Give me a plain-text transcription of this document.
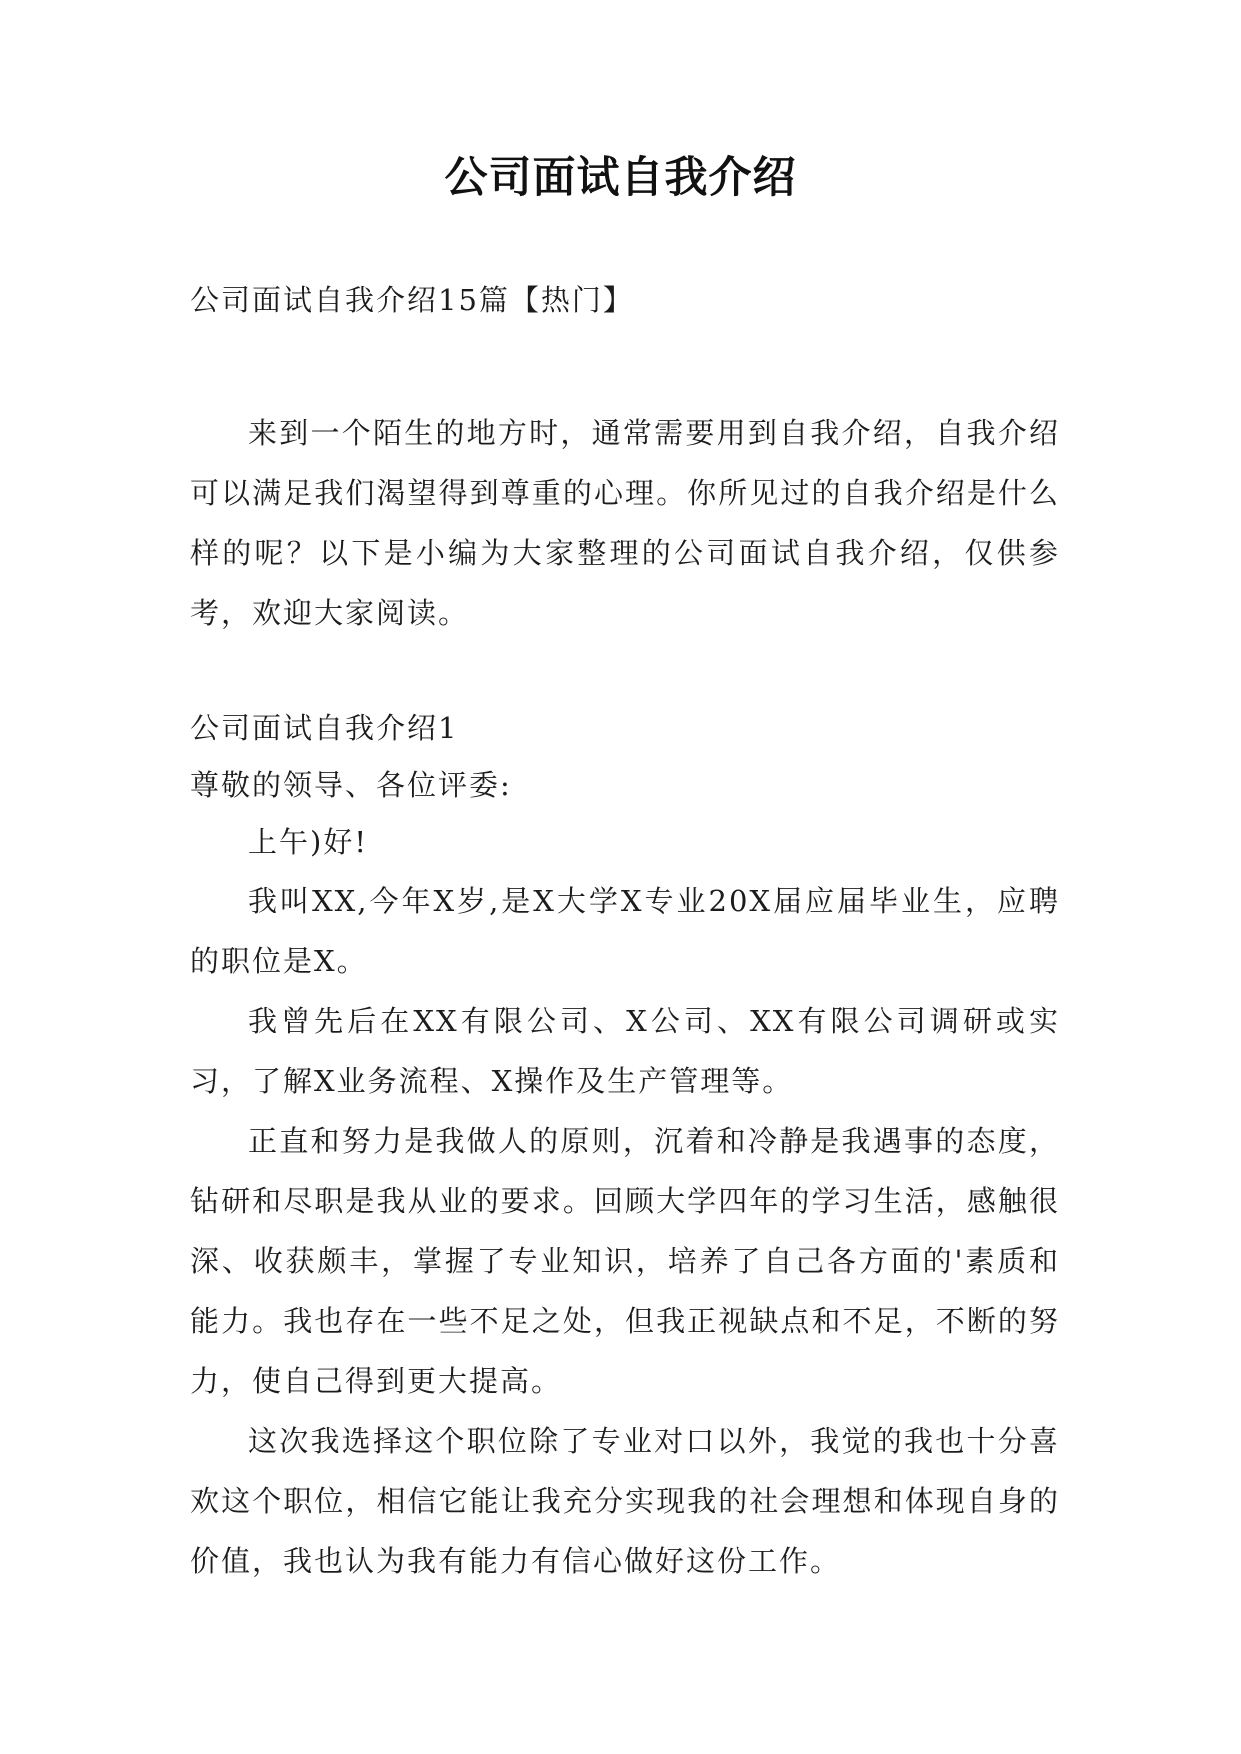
公司面试自我介绍

公司面试自我介绍15篇【热门】

来到一个陌生的地方时，通常需要用到自我介绍，自我介绍可以满足我们渴望得到尊重的心理。你所见过的自我介绍是什么样的呢？以下是小编为大家整理的公司面试自我介绍，仅供参考，欢迎大家阅读。

公司面试自我介绍1

尊敬的领导、各位评委:

上午)好!

我叫XX,今年X岁,是X大学X专业20X届应届毕业生，应聘的职位是X。

我曾先后在XX有限公司、X公司、XX有限公司调研或实习，了解X业务流程、X操作及生产管理等。

正直和努力是我做人的原则，沉着和冷静是我遇事的态度，钻研和尽职是我从业的要求。回顾大学四年的学习生活，感触很深、收获颇丰，掌握了专业知识，培养了自己各方面的'素质和能力。我也存在一些不足之处，但我正视缺点和不足，不断的努力，使自己得到更大提高。

这次我选择这个职位除了专业对口以外，我觉的我也十分喜欢这个职位，相信它能让我充分实现我的社会理想和体现自身的价值，我也认为我有能力有信心做好这份工作。
